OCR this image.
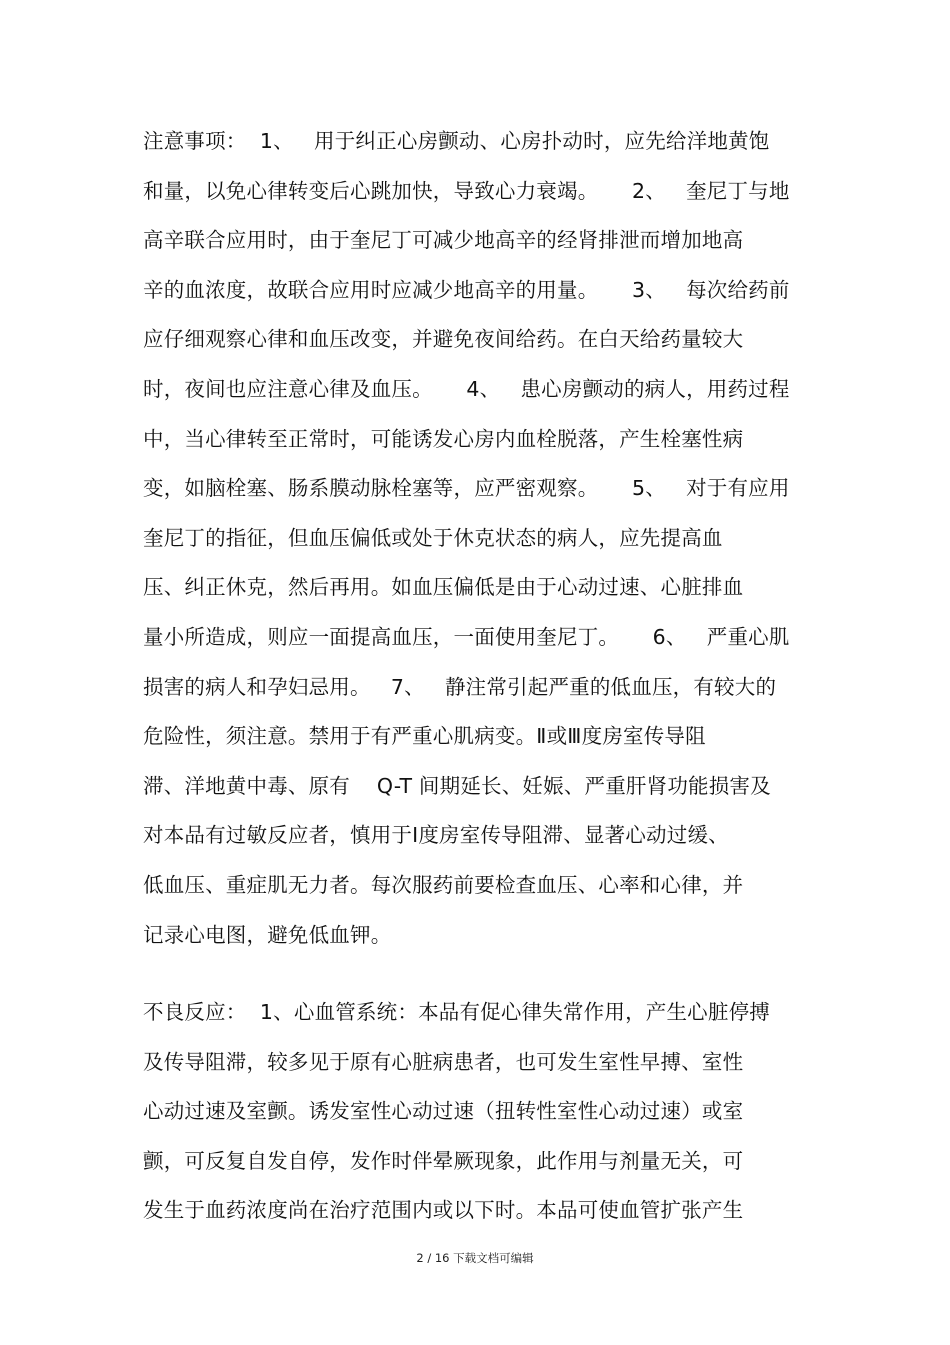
注意事项：  1、   用于纠正心房颤动、心房扑动时，应先给洋地黄饱
和量，以免心律转变后心跳加快，导致心力衰竭。     2、   奎尼丁与地
高辛联合应用时，由于奎尼丁可减少地高辛的经肾排泄而增加地高
辛的血浓度，故联合应用时应减少地高辛的用量。     3、   每次给药前
应仔细观察心律和血压改变，并避免夜间给药。在白天给药量较大
时，夜间也应注意心律及血压。     4、   患心房颤动的病人，用药过程
中，当心律转至正常时，可能诱发心房内血栓脱落，产生栓塞性病
变，如脑栓塞、肠系膜动脉栓塞等，应严密观察。     5、   对于有应用
奎尼丁的指征，但血压偏低或处于休克状态的病人，应先提高血
压、纠正休克，然后再用。如血压偏低是由于心动过速、心脏排血
量小所造成，则应一面提高血压，一面使用奎尼丁。     6、   严重心肌
损害的病人和孕妇忌用。   7、   静注常引起严重的低血压，有较大的
危险性，须注意。禁用于有严重心肌病变。Ⅱ或Ⅲ度房室传导阻
滞、洋地黄中毒、原有    Q-T 间期延长、妊娠、严重肝肾功能损害及
对本品有过敏反应者，慎用于Ⅰ度房室传导阻滞、显著心动过缓、
低血压、重症肌无力者。每次服药前要检查血压、心率和心律，并
记录心电图，避免低血钾。
不良反应：  1、心血管系统：本品有促心律失常作用，产生心脏停搏
及传导阻滞，较多见于原有心脏病患者，也可发生室性早搏、室性
心动过速及室颤。诱发室性心动过速（扭转性室性心动过速）或室
颤，可反复自发自停，发作时伴晕厥现象，此作用与剂量无关，可
发生于血药浓度尚在治疗范围内或以下时。本品可使血管扩张产生
2 / 16 下载文档可编辑
